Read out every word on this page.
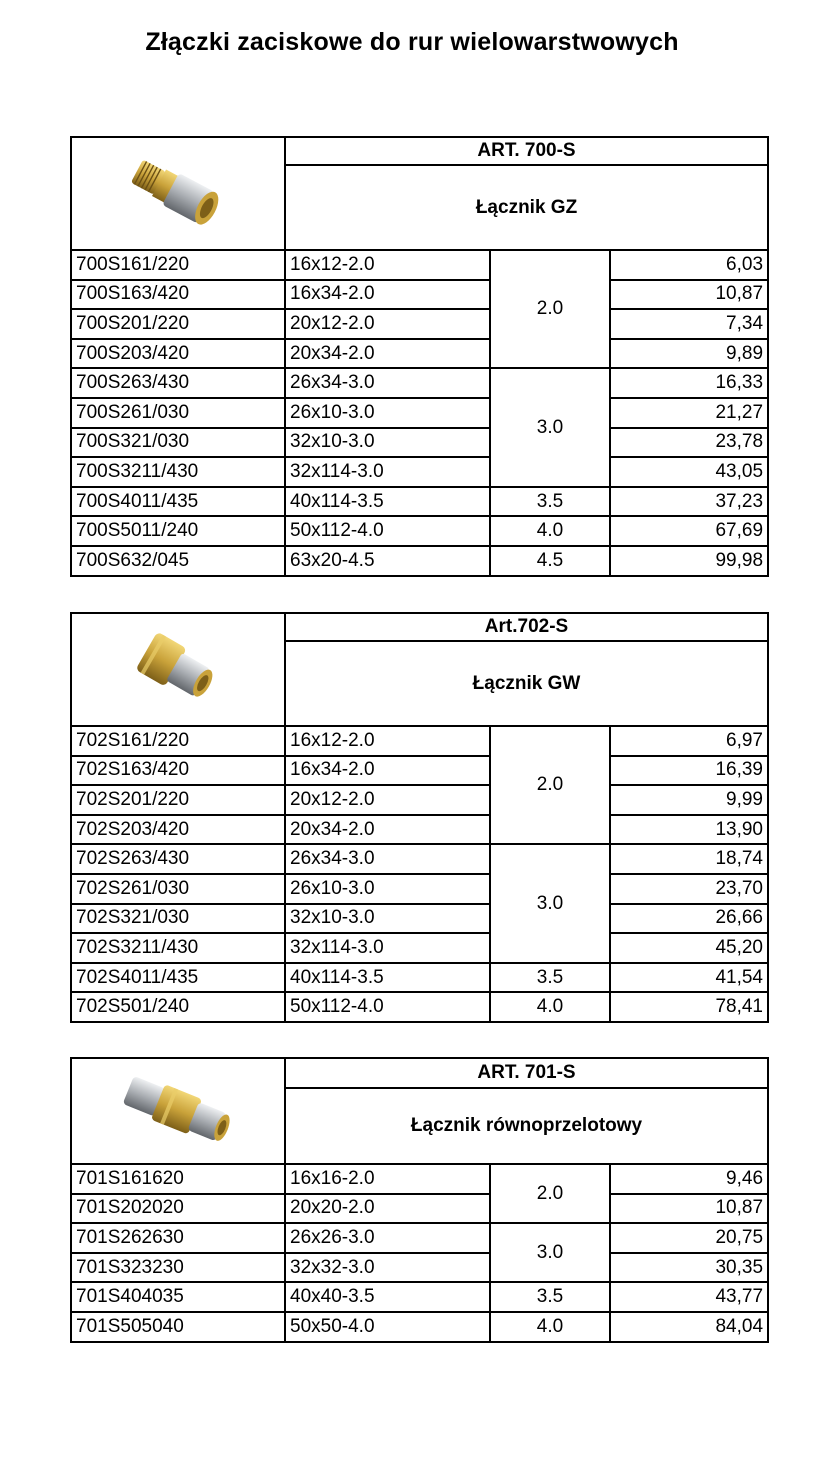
Złączki zaciskowe do rur wielowarstwowych
	ART. 700-S		
	Łącznik GZ		
700S161/220	16x12-2.0	2.0	6,03
700S163/420	16x34-2.0		10,87
700S201/220	20x12-2.0		7,34
700S203/420	20x34-2.0		9,89
700S263/430	26x34-3.0	3.0	16,33
700S261/030	26x10-3.0		21,27
700S321/030	32x10-3.0		23,78
700S3211/430	32x114-3.0		43,05
700S4011/435	40x114-3.5	3.5	37,23
700S5011/240	50x112-4.0	4.0	67,69
700S632/045	63x20-4.5	4.5	99,98
	Art.702-S		
	Łącznik GW		
702S161/220	16x12-2.0	2.0	6,97
702S163/420	16x34-2.0		16,39
702S201/220	20x12-2.0		9,99
702S203/420	20x34-2.0		13,90
702S263/430	26x34-3.0	3.0	18,74
702S261/030	26x10-3.0		23,70
702S321/030	32x10-3.0		26,66
702S3211/430	32x114-3.0		45,20
702S4011/435	40x114-3.5	3.5	41,54
702S501/240	50x112-4.0	4.0	78,41
	ART. 701-S		
	Łącznik równoprzelotowy		
701S161620	16x16-2.0	2.0	9,46
701S202020	20x20-2.0		10,87
701S262630	26x26-3.0	3.0	20,75
701S323230	32x32-3.0		30,35
701S404035	40x40-3.5	3.5	43,77
701S505040	50x50-4.0	4.0	84,04
